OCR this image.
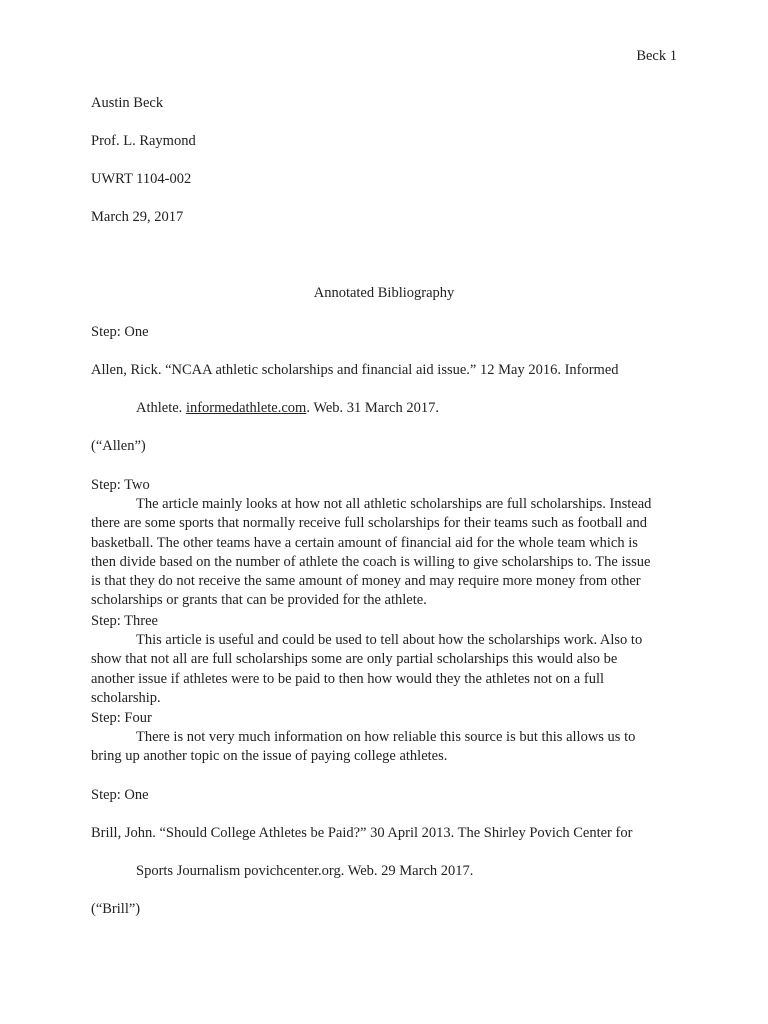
Beck 1
Austin Beck
Prof. L. Raymond
UWRT 1104-002
March 29, 2017
Annotated Bibliography
Step: One
Allen, Rick. “NCAA athletic scholarships and financial aid issue.” 12 May 2016. Informed
Athlete. informedathlete.com. Web. 31 March 2017.
(“Allen”)
Step: Two
The article mainly looks at how not all athletic scholarships are full scholarships. Instead there are some sports that normally receive full scholarships for their teams such as football and basketball. The other teams have a certain amount of financial aid for the whole team which is then divide based on the number of athlete the coach is willing to give scholarships to. The issue is that they do not receive the same amount of money and may require more money from other scholarships or grants that can be provided for the athlete.
Step: Three
This article is useful and could be used to tell about how the scholarships work. Also to show that not all are full scholarships some are only partial scholarships this would also be another issue if athletes were to be paid to then how would they the athletes not on a full scholarship.
Step: Four
There is not very much information on how reliable this source is but this allows us to bring up another topic on the issue of paying college athletes.
Step: One
Brill, John. “Should College Athletes be Paid?” 30 April 2013. The Shirley Povich Center for
Sports Journalism povichcenter.org. Web. 29 March 2017.
(“Brill”)
